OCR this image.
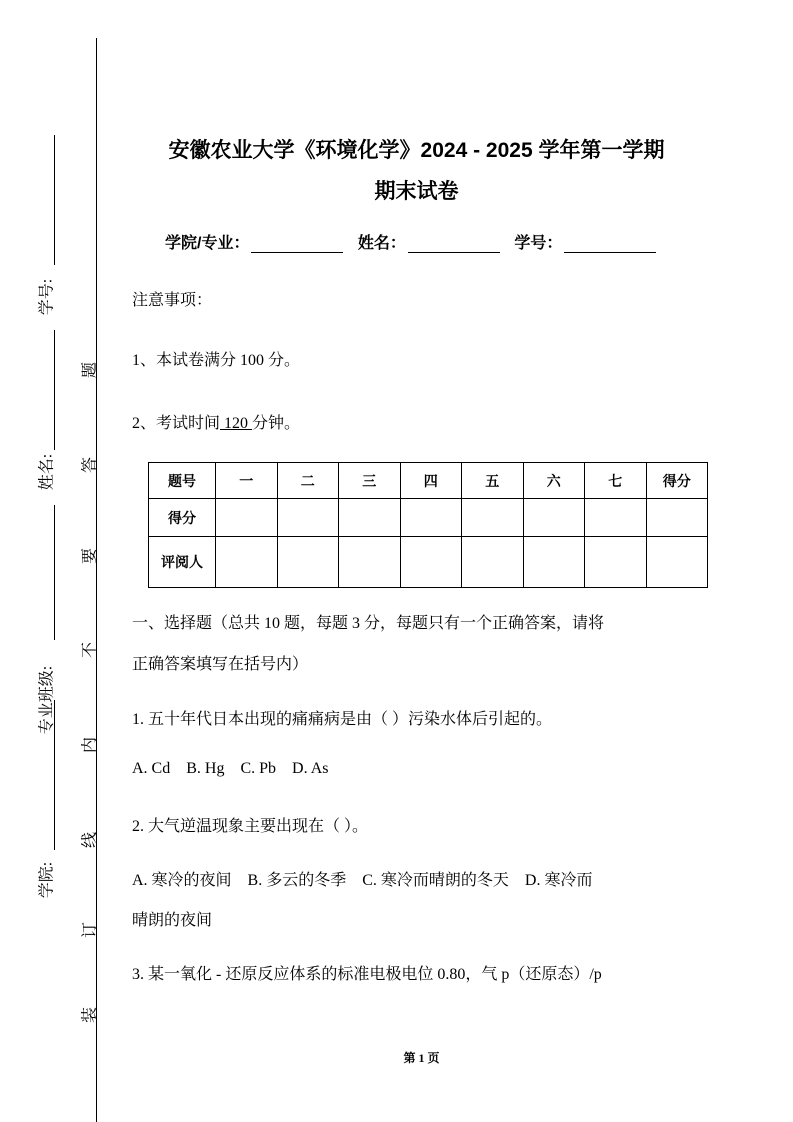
学号:
姓名:
专业班级:
学院:
题
答
要
不
内
线
订
装
安徽农业大学《环境化学》2024 - 2025 学年第一学期
期末试卷
学院/专业：	姓名：	学号：
注意事项：
1、本试卷满分 100 分。
2、考试时间 120 分钟。
题号	一	二	三	四	五	六	七	得分
得分								
评阅人								
一、选择题（总共 10 题，每题 3 分，每题只有一个正确答案，请将
正确答案填写在括号内）
1. 五十年代日本出现的痛痛病是由（ ）污染水体后引起的。
A. Cd    B. Hg    C. Pb    D. As
2. 大气逆温现象主要出现在（ ）。
A. 寒冷的夜间    B. 多云的冬季    C. 寒冷而晴朗的冬天    D. 寒冷而
晴朗的夜间
3. 某一氧化 - 还原反应体系的标准电极电位 0.80，气 p（还原态）/p
第 1 页
